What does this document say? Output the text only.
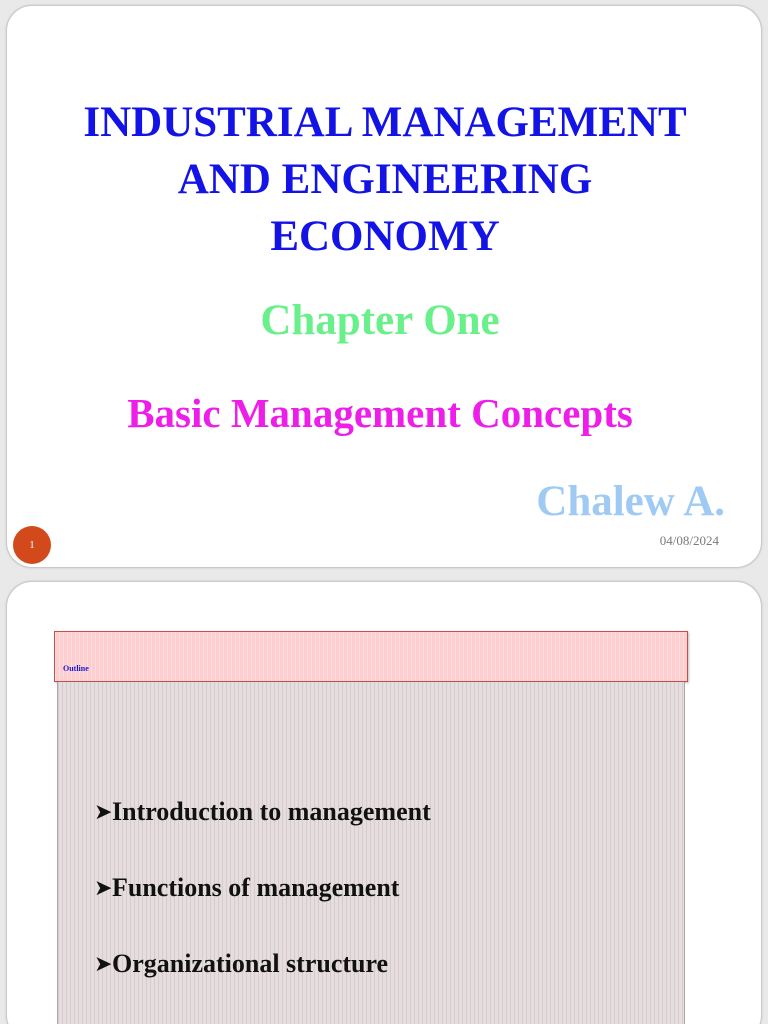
INDUSTRIAL MANAGEMENT
AND ENGINEERING
ECONOMY
Chapter One
Basic Management Concepts
Chalew A.
1	04/08/2024
Outline
➤Introduction to management
➤Functions of management
➤Organizational structure
